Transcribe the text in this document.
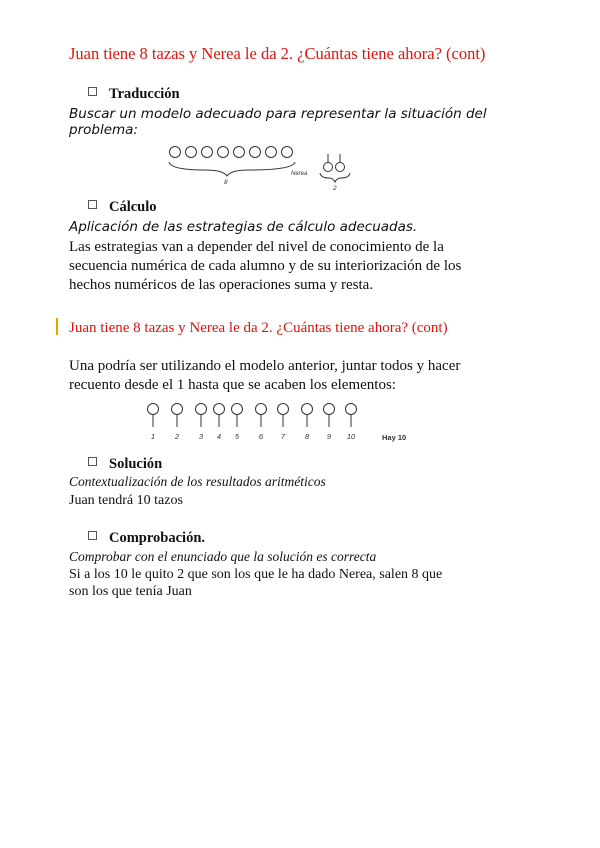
Juan tiene 8 tazas y Nerea le da 2. ¿Cuántas tiene ahora? (cont)
Traducción
Buscar un modelo adecuado para representar la situación del
problema:
8
Nerea
2
Cálculo
Aplicación de las estrategias de cálculo adecuadas.
Las estrategias van a depender del nivel de conocimiento de la
secuencia numérica de cada alumno y de su interiorización de los
hechos numéricos de las operaciones suma y resta.
Juan tiene 8 tazas y Nerea le da 2. ¿Cuántas tiene ahora? (cont)
Una podría ser utilizando el modelo anterior, juntar todos y hacer
recuento desde el 1 hasta que se acaben los elementos:
1	2	3 4 5	6 7	8 9 10	Hay 10
Solución
Contextualización de los resultados aritméticos
Juan tendrá 10 tazos
Comprobación.
Comprobar con el enunciado que la solución es correcta
Si a los 10 le quito 2 que son los que le ha dado Nerea, salen 8 que
son los que tenía Juan
